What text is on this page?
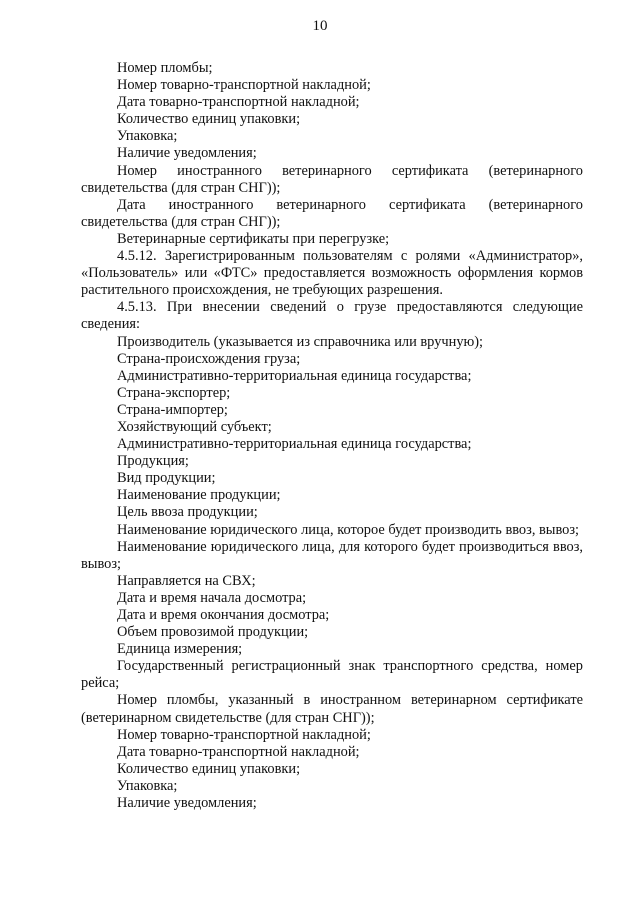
10
Номер пломбы;
Номер товарно-транспортной накладной;
Дата товарно-транспортной накладной;
Количество единиц упаковки;
Упаковка;
Наличие уведомления;
Номер иностранного ветеринарного сертификата (ветеринарного свидетельства (для стран СНГ));
Дата иностранного ветеринарного сертификата (ветеринарного свидетельства (для стран СНГ));
Ветеринарные сертификаты при перегрузке;
4.5.12. Зарегистрированным пользователям с ролями «Администратор», «Пользователь» или «ФТС» предоставляется возможность оформления кормов растительного происхождения, не требующих разрешения.
4.5.13. При внесении сведений о грузе предоставляются следующие сведения:
Производитель (указывается из справочника или вручную);
Страна-происхождения груза;
Административно-территориальная единица государства;
Страна-экспортер;
Страна-импортер;
Хозяйствующий субъект;
Административно-территориальная единица государства;
Продукция;
Вид продукции;
Наименование продукции;
Цель ввоза продукции;
Наименование юридического лица, которое будет производить ввоз, вывоз;
Наименование юридического лица, для которого будет производиться ввоз, вывоз;
Направляется на СВХ;
Дата и время начала досмотра;
Дата и время окончания досмотра;
Объем провозимой продукции;
Единица измерения;
Государственный регистрационный знак транспортного средства, номер рейса;
Номер пломбы, указанный в иностранном ветеринарном сертификате (ветеринарном свидетельстве (для стран СНГ));
Номер товарно-транспортной накладной;
Дата товарно-транспортной накладной;
Количество единиц упаковки;
Упаковка;
Наличие уведомления;
